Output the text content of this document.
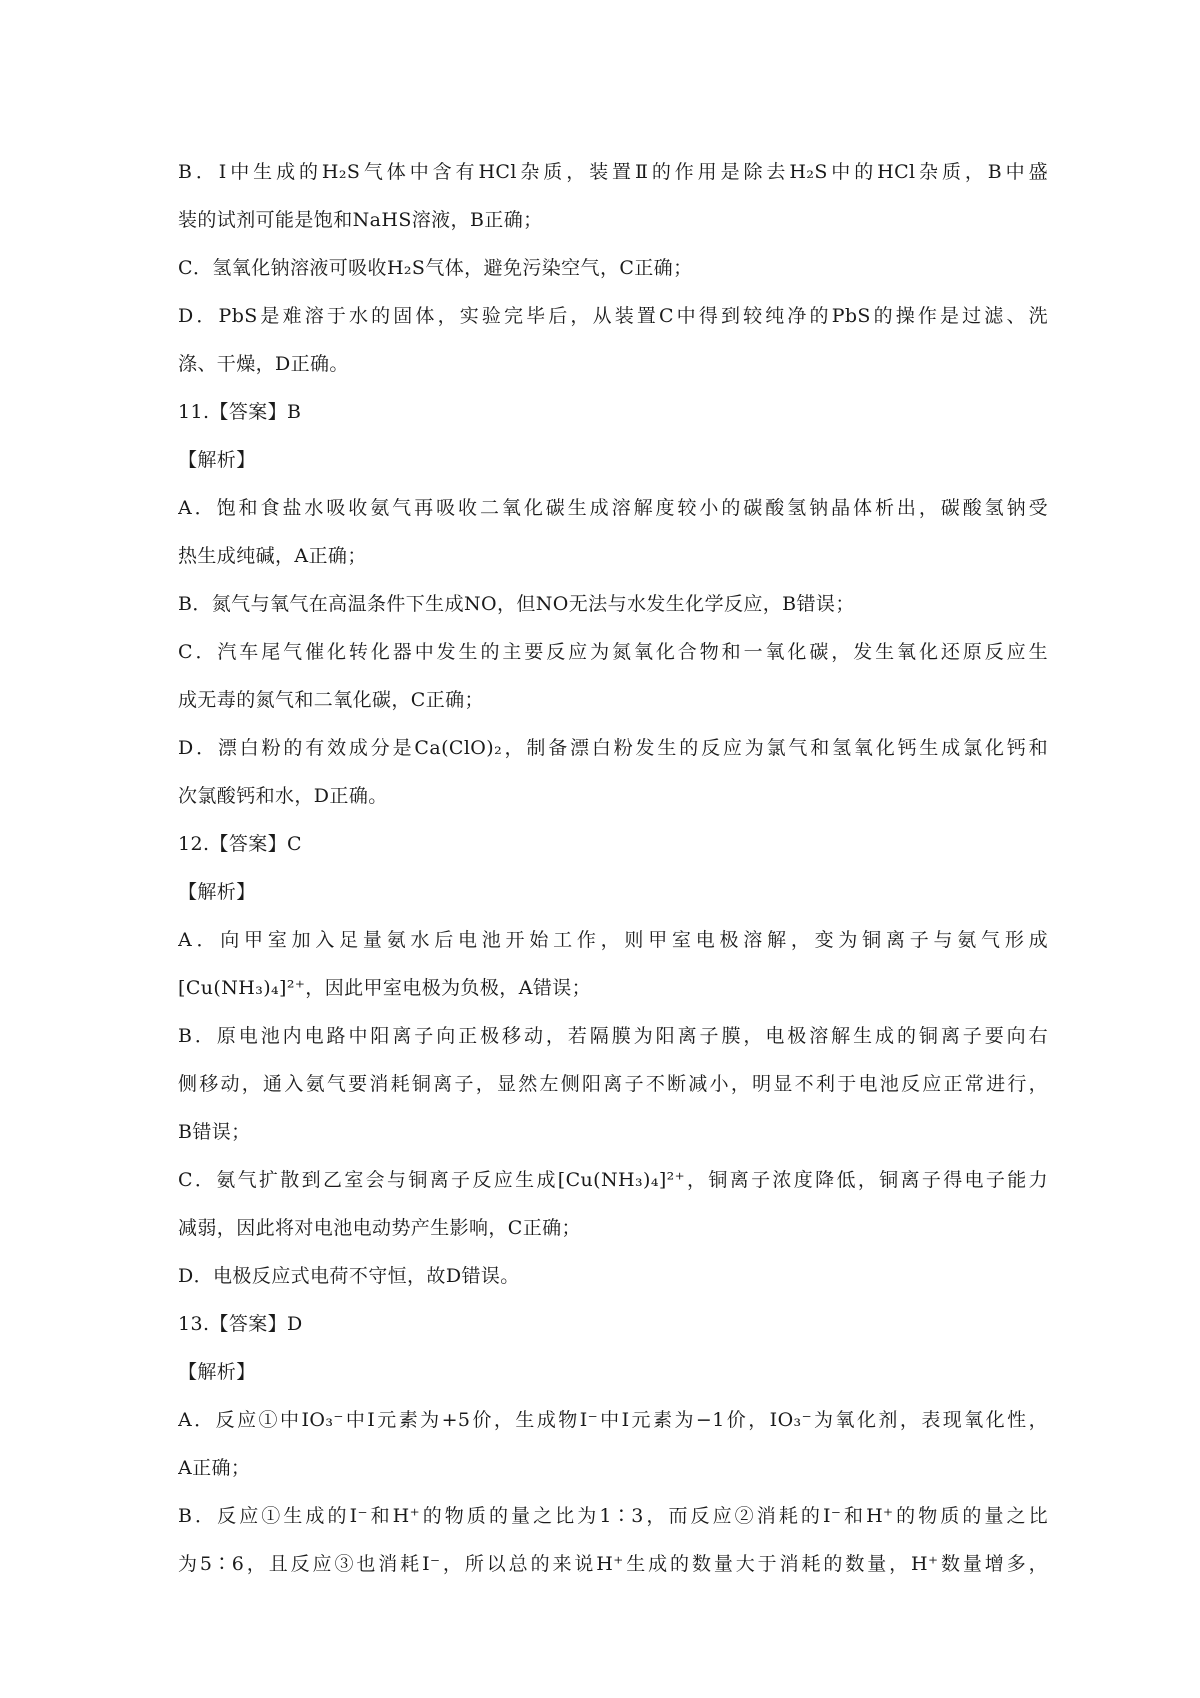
B．Ⅰ中生成的H₂S气体中含有HCl杂质，装置Ⅱ的作用是除去H₂S中的HCl杂质，B中盛
装的试剂可能是饱和NaHS溶液，B正确；
C．氢氧化钠溶液可吸收H₂S气体，避免污染空气，C正确；
D．PbS是难溶于水的固体，实验完毕后，从装置C中得到较纯净的PbS的操作是过滤、洗
涤、干燥，D正确。
11.【答案】B
【解析】
A．饱和食盐水吸收氨气再吸收二氧化碳生成溶解度较小的碳酸氢钠晶体析出，碳酸氢钠受
热生成纯碱，A正确；
B．氮气与氧气在高温条件下生成NO，但NO无法与水发生化学反应，B错误；
C．汽车尾气催化转化器中发生的主要反应为氮氧化合物和一氧化碳，发生氧化还原反应生
成无毒的氮气和二氧化碳，C正确；
D．漂白粉的有效成分是Ca(ClO)₂，制备漂白粉发生的反应为氯气和氢氧化钙生成氯化钙和
次氯酸钙和水，D正确。
12.【答案】C
【解析】
A．向甲室加入足量氨水后电池开始工作，则甲室电极溶解，变为铜离子与氨气形成
[Cu(NH₃)₄]²⁺，因此甲室电极为负极，A错误；
B．原电池内电路中阳离子向正极移动，若隔膜为阳离子膜，电极溶解生成的铜离子要向右
侧移动，通入氨气要消耗铜离子，显然左侧阳离子不断减小，明显不利于电池反应正常进行，
B错误；
C．氨气扩散到乙室会与铜离子反应生成[Cu(NH₃)₄]²⁺，铜离子浓度降低，铜离子得电子能力
减弱，因此将对电池电动势产生影响，C正确；
D．电极反应式电荷不守恒，故D错误。
13.【答案】D
【解析】
A．反应①中IO₃⁻中I元素为+5价，生成物I⁻中I元素为−1价，IO₃⁻为氧化剂，表现氧化性，
A正确；
B．反应①生成的I⁻和H⁺的物质的量之比为1∶3，而反应②消耗的I⁻和H⁺的物质的量之比
为5∶6，且反应③也消耗I⁻，所以总的来说H⁺生成的数量大于消耗的数量，H⁺数量增多，
